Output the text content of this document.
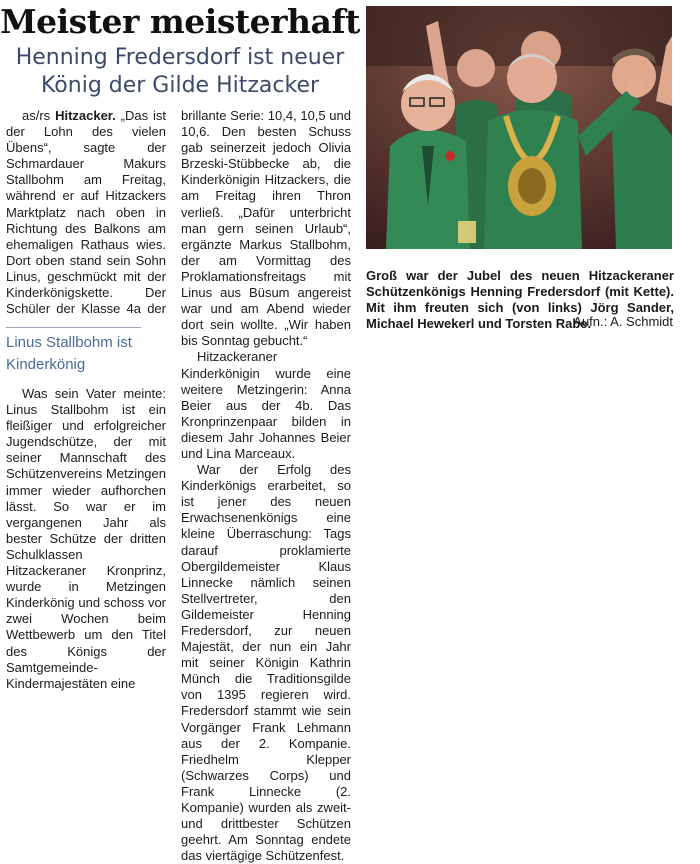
Meister meisterhaft
Henning Fredersdorf ist neuer
König der Gilde Hitzacker

as/rs Hitzacker. „Das ist der Lohn des vielen Übens“, sagte der Schmardauer Makurs Stallbohm am Freitag, während er auf Hitzackers Marktplatz nach oben in Richtung des Balkons am ehemaligen Rathaus wies. Dort oben stand sein Sohn Linus, geschmückt mit der Kinderkönigskette. Der Schüler der Klasse 4a der

Linus Stallbohm ist Kinderkönig

Was sein Vater meinte: Linus Stallbohm ist ein fleißiger und erfolgreicher Jugendschütze, der mit seiner Mannschaft des Schützenvereins Metzingen immer wieder aufhorchen lässt. So war er im vergangenen Jahr als bester Schütze der dritten Schulklassen Hitzackeraner Kronprinz, wurde in Metzingen Kinderkönig und schoss vor zwei Wochen beim Wettbewerb um den Titel des Königs der Samtgemeinde-Kindermajestäten eine

brillante Serie: 10,4, 10,5 und 10,6. Den besten Schuss gab seinerzeit jedoch Olivia Brzeski-Stübbecke ab, die Kinderkönigin Hitzackers, die am Freitag ihren Thron verließ. „Dafür unterbricht man gern seinen Urlaub“, ergänzte Markus Stallbohm, der am Vormittag des Proklamationsfreitags mit Linus aus Büsum angereist war und am Abend wieder dort sein wollte. „Wir haben bis Sonntag gebucht.“

Hitzackeraner Kinderkönigin wurde eine weitere Metzingerin: Anna Beier aus der 4b. Das Kronprinzenpaar bilden in diesem Jahr Johannes Beier und Lina Marceaux.

War der Erfolg des Kinderkönigs erarbeitet, so ist jener des neuen Erwachsenenkönigs eine kleine Überraschung: Tags darauf proklamierte Obergildemeister Klaus Linnecke nämlich seinen Stellvertreter, den Gildemeister Henning Fredersdorf, zur neuen Majestät, der nun ein Jahr mit seiner Königin Kathrin Münch die Traditionsgilde von 1395 regieren wird. Fredersdorf stammt wie sein Vorgänger Frank Lehmann aus der 2. Kompanie. Friedhelm Klepper (Schwarzes Corps) und Frank Linnecke (2. Kompanie) wurden als zweit- und drittbester Schützen geehrt. Am Sonntag endete das viertägige Schützenfest.

Groß war der Jubel des neuen Hitzackeraner Schützenkönigs Henning Fredersdorf (mit Kette). Mit ihm freuten sich (von links) Jörg Sander, Michael Hewekerl und Torsten Rabe.
Aufn.: A. Schmidt
